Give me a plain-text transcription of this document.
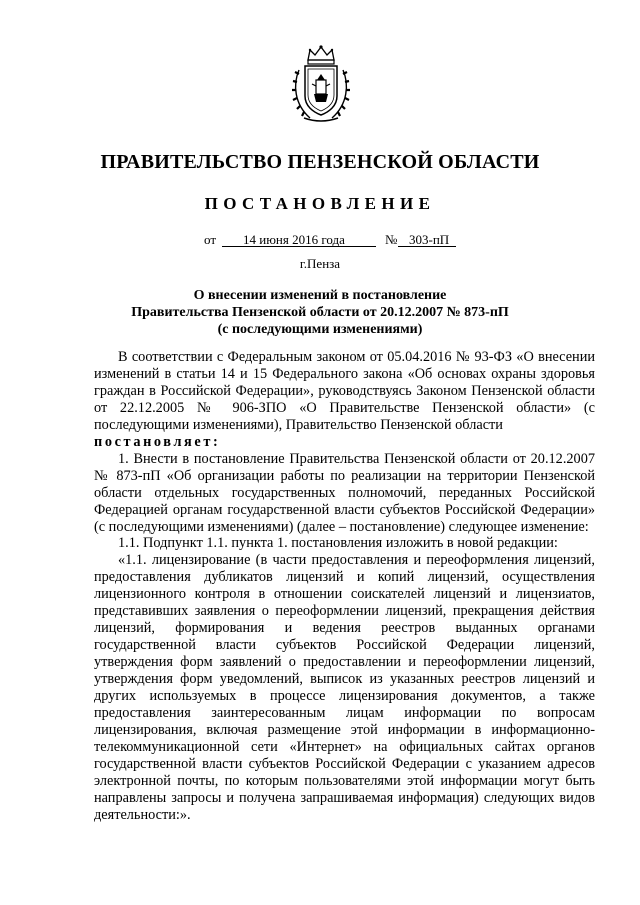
ПРАВИТЕЛЬСТВО ПЕНЗЕНСКОЙ ОБЛАСТИ
ПОСТАНОВЛЕНИЕ
от 14 июня 2016 года	№ 303-пП
г.Пенза
О внесении изменений в постановление
Правительства Пензенской области от 20.12.2007 № 873-пП
(с последующими изменениями)

В соответствии с Федеральным законом от 05.04.2016 № 93-ФЗ «О внесении изменений в статьи 14 и 15 Федерального закона «Об основах охраны здоровья граждан в Российской Федерации», руководствуясь Законом Пензенской области от 22.12.2005 № 906-ЗПО «О Правительстве Пензенской области» (с последующими изменениями), Правительство Пензенской области

постановляет:

1. Внести в постановление Правительства Пензенской области от 20.12.2007 № 873-пП «Об организации работы по реализации на территории Пензенской области отдельных государственных полномочий, переданных Российской Федерацией органам государственной власти субъектов Российской Федерации» (с последующими изменениями) (далее – постановление) следующее изменение:

1.1. Подпункт 1.1. пункта 1. постановления изложить в новой редакции:

«1.1. лицензирование (в части предоставления и переоформления лицензий, предоставления дубликатов лицензий и копий лицензий, осуществления лицензионного контроля в отношении соискателей лицензий и лицензиатов, представивших заявления о переоформлении лицензий, прекращения действия лицензий, формирования и ведения реестров выданных органами государственной власти субъектов Российской Федерации лицензий, утверждения форм заявлений о предоставлении и переоформлении лицензий, утверждения форм уведомлений, выписок из указанных реестров лицензий и других используемых в процессе лицензирования документов, а также предоставления заинтересованным лицам информации по вопросам лицензирования, включая размещение этой информации в информационно-телекоммуникационной сети «Интернет» на официальных сайтах органов государственной власти субъектов Российской Федерации с указанием адресов электронной почты, по которым пользователями этой информации могут быть направлены запросы и получена запрашиваемая информация) следующих видов деятельности:».
